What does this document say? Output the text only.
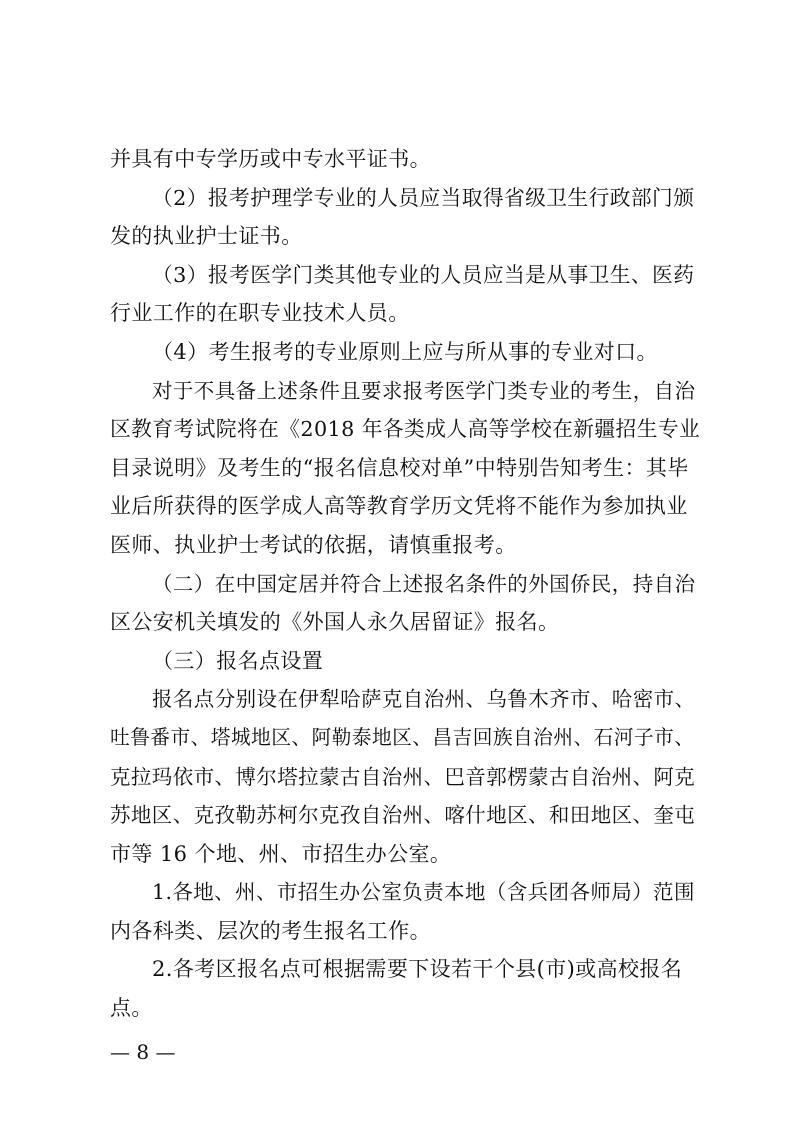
并具有中专学历或中专水平证书。
（2）报考护理学专业的人员应当取得省级卫生行政部门颁
发的执业护士证书。
（3）报考医学门类其他专业的人员应当是从事卫生、医药
行业工作的在职专业技术人员。
（4）考生报考的专业原则上应与所从事的专业对口。
对于不具备上述条件且要求报考医学门类专业的考生，自治
区教育考试院将在《2018 年各类成人高等学校在新疆招生专业
目录说明》及考生的“报名信息校对单”中特别告知考生：其毕
业后所获得的医学成人高等教育学历文凭将不能作为参加执业
医师、执业护士考试的依据，请慎重报考。
（二）在中国定居并符合上述报名条件的外国侨民，持自治
区公安机关填发的《外国人永久居留证》报名。
（三）报名点设置
报名点分别设在伊犁哈萨克自治州、乌鲁木齐市、哈密市、
吐鲁番市、塔城地区、阿勒泰地区、昌吉回族自治州、石河子市、
克拉玛依市、博尔塔拉蒙古自治州、巴音郭楞蒙古自治州、阿克
苏地区、克孜勒苏柯尔克孜自治州、喀什地区、和田地区、奎屯
市等 16 个地、州、市招生办公室。
1.各地、州、市招生办公室负责本地（含兵团各师局）范围
内各科类、层次的考生报名工作。
2.各考区报名点可根据需要下设若干个县(市)或高校报名
点。
— 8 —
